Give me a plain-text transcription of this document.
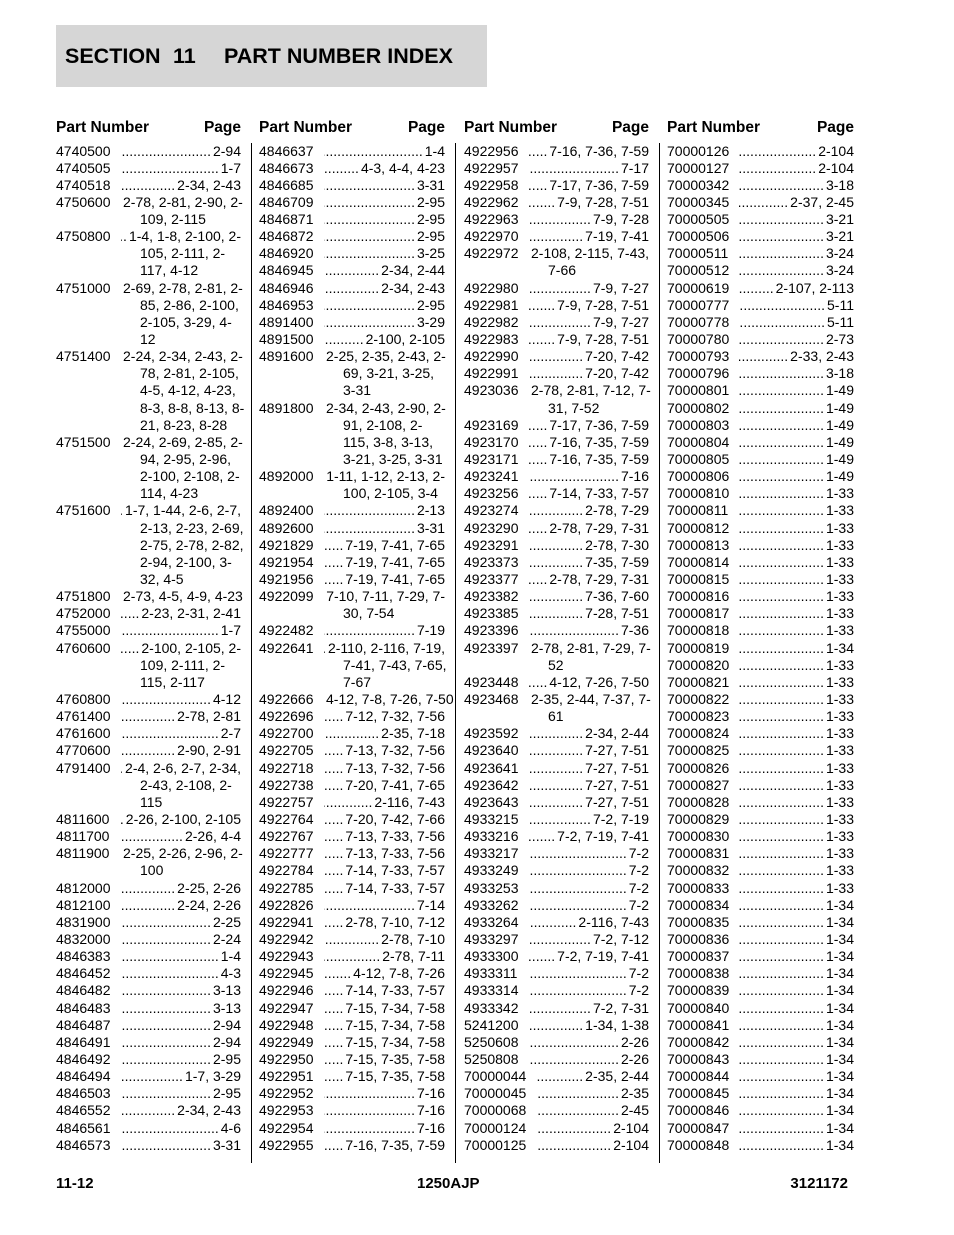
SECTION 11 PART NUMBER INDEX
Part Number	Page
4740500 .....	2-94
4740505 .....	1-7
4740518 .....	2-34, 2-43
4750600 2-78, 2-81, 2-90, 2-
109, 2-115
4750800 .....	1-4, 1-8, 2-100, 2-
105, 2-111, 2-
117, 4-12
4751000 2-69, 2-78, 2-81, 2-
85, 2-86, 2-100,
2-105, 3-29, 4-
12
4751400 2-24, 2-34, 2-43, 2-
78, 2-81, 2-105,
4-5, 4-12, 4-23,
8-3, 8-8, 8-13, 8-
21, 8-23, 8-28
4751500 2-24, 2-69, 2-85, 2-
94, 2-95, 2-96,
2-100, 2-108, 2-
114, 4-23
4751600 .....	1-7, 1-44, 2-6, 2-7,
2-13, 2-23, 2-69,
2-75, 2-78, 2-82,
2-94, 2-100, 3-
32, 4-5
4751800 2-73, 4-5, 4-9, 4-23
4752000 .....	2-23, 2-31, 2-41
4755000 .....	1-7
4760600 .....	2-100, 2-105, 2-
109, 2-111, 2-
115, 2-117
4760800 .....	4-12
4761400 .....	2-78, 2-81
4761600 .....	2-7
4770600 .....	2-90, 2-91
4791400 .....	2-4, 2-6, 2-7, 2-34,
2-43, 2-108, 2-
115
4811600 .....	2-26, 2-100, 2-105
4811700 .....	2-26, 4-4
4811900 2-25, 2-26, 2-96, 2-
100
4812000 .....	2-25, 2-26
4812100 .....	2-24, 2-26
4831900 .....	2-25
4832000 .....	2-24
4846383 .....	1-4
4846452 .....	4-3
4846482 .....	3-13
4846483 .....	3-13
4846487 .....	2-94
4846491 .....	2-94
4846492 .....	2-95
4846494 .....	1-7, 3-29
4846503 .....	2-95
4846552 .....	2-34, 2-43
4846561 .....	4-6
4846573 .....	3-31
Part Number	Page
4846637 .....	1-4
4846673 .....	4-3, 4-4, 4-23
4846685 .....	3-31
4846709 .....	2-95
4846871 .....	2-95
4846872 .....	2-95
4846920 .....	3-25
4846945 .....	2-34, 2-44
4846946 .....	2-34, 2-43
4846953 .....	2-95
4891400 .....	3-29
4891500 .....	2-100, 2-105
4891600 2-25, 2-35, 2-43, 2-
69, 3-21, 3-25,
3-31
4891800 2-34, 2-43, 2-90, 2-
91, 2-108, 2-
115, 3-8, 3-13,
3-21, 3-25, 3-31
4892000 ..... 1-11, 1-12, 2-13, 2-
100, 2-105, 3-4
4892400 .....	2-13
4892600 .....	3-31
4921829 .....	7-19, 7-41, 7-65
4921954 .....	7-19, 7-41, 7-65
4921956 .....	7-19, 7-41, 7-65
4922099 ..... 7-10, 7-11, 7-29, 7-
30, 7-54
4922482 .....	7-19
4922641 .....	2-110, 2-116, 7-19,
7-41, 7-43, 7-65,
7-67
4922666 4-12, 7-8, 7-26, 7-50
4922696 .....	7-12, 7-32, 7-56
4922700 .....	2-35, 7-18
4922705 .....	7-13, 7-32, 7-56
4922718 .....	7-13, 7-32, 7-56
4922738 .....	7-20, 7-41, 7-65
4922757 .....	2-116, 7-43
4922764 .....	7-20, 7-42, 7-66
4922767 .....	7-13, 7-33, 7-56
4922777 .....	7-13, 7-33, 7-56
4922784 .....	7-14, 7-33, 7-57
4922785 .....	7-14, 7-33, 7-57
4922826 .....	7-14
4922941 .....	2-78, 7-10, 7-12
4922942 .....	2-78, 7-10
4922943 .....	2-78, 7-11
4922945 .....	4-12, 7-8, 7-26
4922946 .....	7-14, 7-33, 7-57
4922947 .....	7-15, 7-34, 7-58
4922948 .....	7-15, 7-34, 7-58
4922949 .....	7-15, 7-34, 7-58
4922950 .....	7-15, 7-35, 7-58
4922951 .....	7-15, 7-35, 7-58
4922952 .....	7-16
4922953 .....	7-16
4922954 .....	7-16
4922955 .....	7-16, 7-35, 7-59
Part Number	Page
4922956 .....	7-16, 7-36, 7-59
4922957 .....	7-17
4922958 .....	7-17, 7-36, 7-59
4922962 .....	7-9, 7-28, 7-51
4922963 .....	7-9, 7-28
4922970 .....	7-19, 7-41
4922972 2-108, 2-115, 7-43,
7-66
4922980 .....	7-9, 7-27
4922981 .....	7-9, 7-28, 7-51
4922982 .....	7-9, 7-27
4922983 .....	7-9, 7-28, 7-51
4922990 .....	7-20, 7-42
4922991 .....	7-20, 7-42
4923036 2-78, 2-81, 7-12, 7-
31, 7-52
4923169 .....	7-17, 7-36, 7-59
4923170 .....	7-16, 7-35, 7-59
4923171 .....	7-16, 7-35, 7-59
4923241 .....	7-16
4923256 .....	7-14, 7-33, 7-57
4923274 .....	2-78, 7-29
4923290 .....	2-78, 7-29, 7-31
4923291 .....	2-78, 7-30
4923373 .....	7-35, 7-59
4923377 .....	2-78, 7-29, 7-31
4923382 .....	7-36, 7-60
4923385 .....	7-28, 7-51
4923396 .....	7-36
4923397 2-78, 2-81, 7-29, 7-
52
4923448 .....	4-12, 7-26, 7-50
4923468 2-35, 2-44, 7-37, 7-
61
4923592 .....	2-34, 2-44
4923640 .....	7-27, 7-51
4923641 .....	7-27, 7-51
4923642 .....	7-27, 7-51
4923643 .....	7-27, 7-51
4933215 .....	7-2, 7-19
4933216 .....	7-2, 7-19, 7-41
4933217 .....	7-2
4933249 .....	7-2
4933253 .....	7-2
4933262 .....	7-2
4933264 .....	2-116, 7-43
4933297 .....	7-2, 7-12
4933300 .....	7-2, 7-19, 7-41
4933311 .....	7-2
4933314 .....	7-2
4933342 .....	7-2, 7-31
5241200 .....	1-34, 1-38
5250608 .....	2-26
5250808 .....	2-26
70000044 .....	2-35, 2-44
70000045 .....	2-35
70000068 .....	2-45
70000124 .....	2-104
70000125 .....	2-104
Part Number	Page
70000126 .....	2-104
70000127 .....	2-104
70000342 .....	3-18
70000345 .....	2-37, 2-45
70000505 .....	3-21
70000506 .....	3-21
70000511 .....	3-24
70000512 .....	3-24
70000619 .....	2-107, 2-113
70000777 .....	5-11
70000778 .....	5-11
70000780 .....	2-73
70000793 .....	2-33, 2-43
70000796 .....	3-18
70000801 .....	1-49
70000802 .....	1-49
70000803 .....	1-49
70000804 .....	1-49
70000805 .....	1-49
70000806 .....	1-49
70000810 .....	1-33
70000811 .....	1-33
70000812 .....	1-33
70000813 .....	1-33
70000814 .....	1-33
70000815 .....	1-33
70000816 .....	1-33
70000817 .....	1-33
70000818 .....	1-33
70000819 .....	1-34
70000820 .....	1-33
70000821 .....	1-33
70000822 .....	1-33
70000823 .....	1-33
70000824 .....	1-33
70000825 .....	1-33
70000826 .....	1-33
70000827 .....	1-33
70000828 .....	1-33
70000829 .....	1-33
70000830 .....	1-33
70000831 .....	1-33
70000832 .....	1-33
70000833 .....	1-33
70000834 .....	1-34
70000835 .....	1-34
70000836 .....	1-34
70000837 .....	1-34
70000838 .....	1-34
70000839 .....	1-34
70000840 .....	1-34
70000841 .....	1-34
70000842 .....	1-34
70000843 .....	1-34
70000844 .....	1-34
70000845 .....	1-34
70000846 .....	1-34
70000847 .....	1-34
70000848 .....	1-34
11-12	1250AJP	3121172
